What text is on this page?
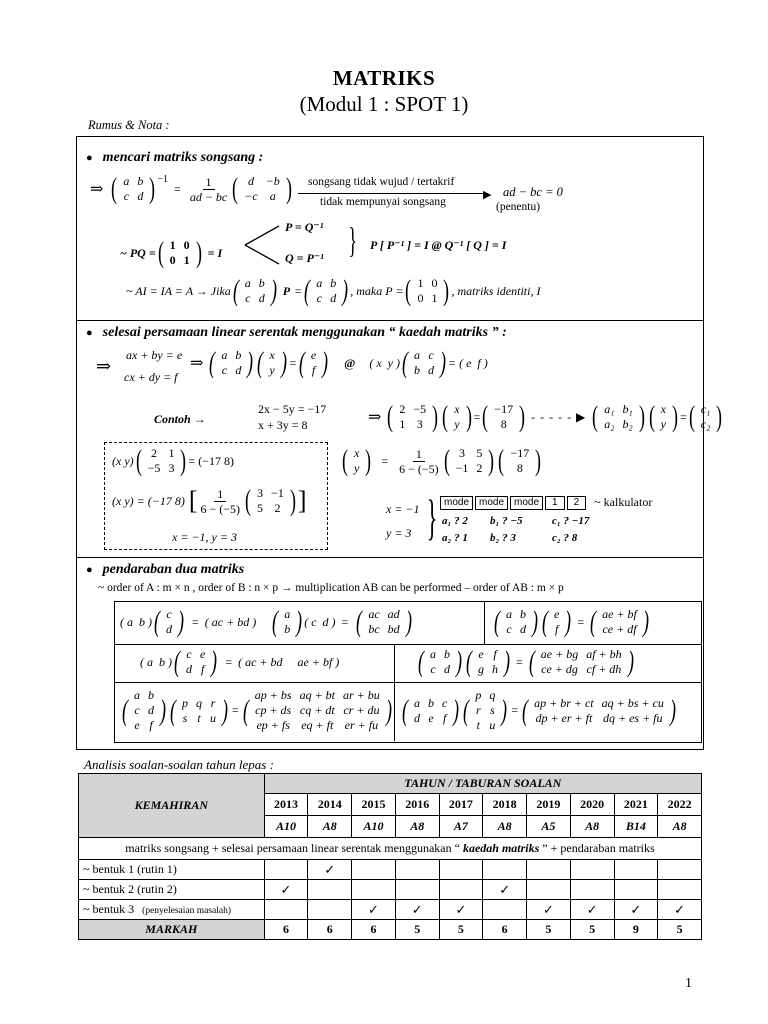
MATRIKS
(Modul 1 : SPOT 1)
Rumus & Nota :
● mencari matriks songsang :
⇒ ( a	b
c	d )$^{-1}$
= $\frac{1}{ad - bc}$ ( d	−b
−c	a ) songsang tidak wujud / tertakrif
▶
tidak mempunyai songsang
ad − bc = 0
(penentu)
~ PQ = ( 1	0
0	1 ) = I
P = Q⁻¹
Q = P⁻¹ } P [ P⁻¹ ] = I @ Q⁻¹ [ Q ] = I
~ AI = IA = A → Jika ( a	b
c	d ) P = ( a	b
c	d ) , maka P = ( 1	0
0	1 ) , matriks identiti, I
● selesai persamaan linear serentak menggunakan “ kaedah matriks ” :
⇒
ax + by = e
cx + dy = f
⇒ ( a	b
c	d ) ( x
y ) = ( e
f ) @ ( x  y ) ( a	c
b	d ) = ( e  f )
Contoh →
2x − 5y = −17
x + 3y = 8	⇒ ( 2	−5
1	3 ) ( x
y ) = ( −17
8 ) - - - - - ▶ ( a₁	b₁
a₂	b₂ ) ( x
y ) = ( c₁
c₂ )
(x y) ( 2	1
−5	3 ) = (−17 8)
(x y) = (−17 8) [ $\frac{1}{6 - (-5)}$ ( 3	−1
5	2 ) ]
x = −1, y = 3
( x
y ) = $\frac{1}{6 - (-5)}$ ( 3	5
−1	2 ) ( −17
8 )
x = −1
y = 3 } mode	mode	mode	1	2	~ kalkulator
a₁ ? 2 b₁ ? −5	c₁ ? −17
a₂ ? 1 b₂ ? 3	c₂ ? 8
● pendaraban dua matriks
~ order of A : m × n , order of B : n × p → multiplication AB can be performed – order of AB : m × p
( a  b ) ( c
d ) = ( ac + bd ) ( a
b ) ( c  d ) = ( ac	ad
bc	bd )	( a	b
c	d ) ( e
f ) = ( ae + bf
ce + df )
( a  b ) ( c	e
d	f ) = ( ac + bd     ae + bf )	( a	b
c	d ) ( e	f
g	h ) = ( ae + bg	af + bh
ce + dg	cf + dh )
( a	b
c	d
e	f ) ( p	q	r
s	t	u ) = ( ap + bs	aq + bt	ar + bu
cp + ds	cq + dt	cr + du
ep + fs	eq + ft	er + fu ) ( a	b	c
d	e	f ) ( p	q
r	s
t	u ) = ( ap + br + ct	aq + bs + cu
dp + er + ft	dq + es + fu )
Analisis soalan-soalan tahun lepas :
KEMAHIRAN	TAHUN / TABURAN SOALAN									
	2013	2014	2015	2016	2017	2018	2019	2020	2021	2022
	A10	A8	A10	A8	A7	A8	A5	A8	B14	A8
matriks songsang + selesai persamaan linear serentak menggunakan “ kaedah matriks ” + pendaraban matriks										
~ bentuk 1 (rutin 1)		✓								
~ bentuk 2 (rutin 2)	✓					✓				
~ bentuk 3 (penyelesaian masalah)			✓	✓	✓		✓	✓	✓	✓
MARKAH	6	6	6	5	5	6	5	5	9	5
1
